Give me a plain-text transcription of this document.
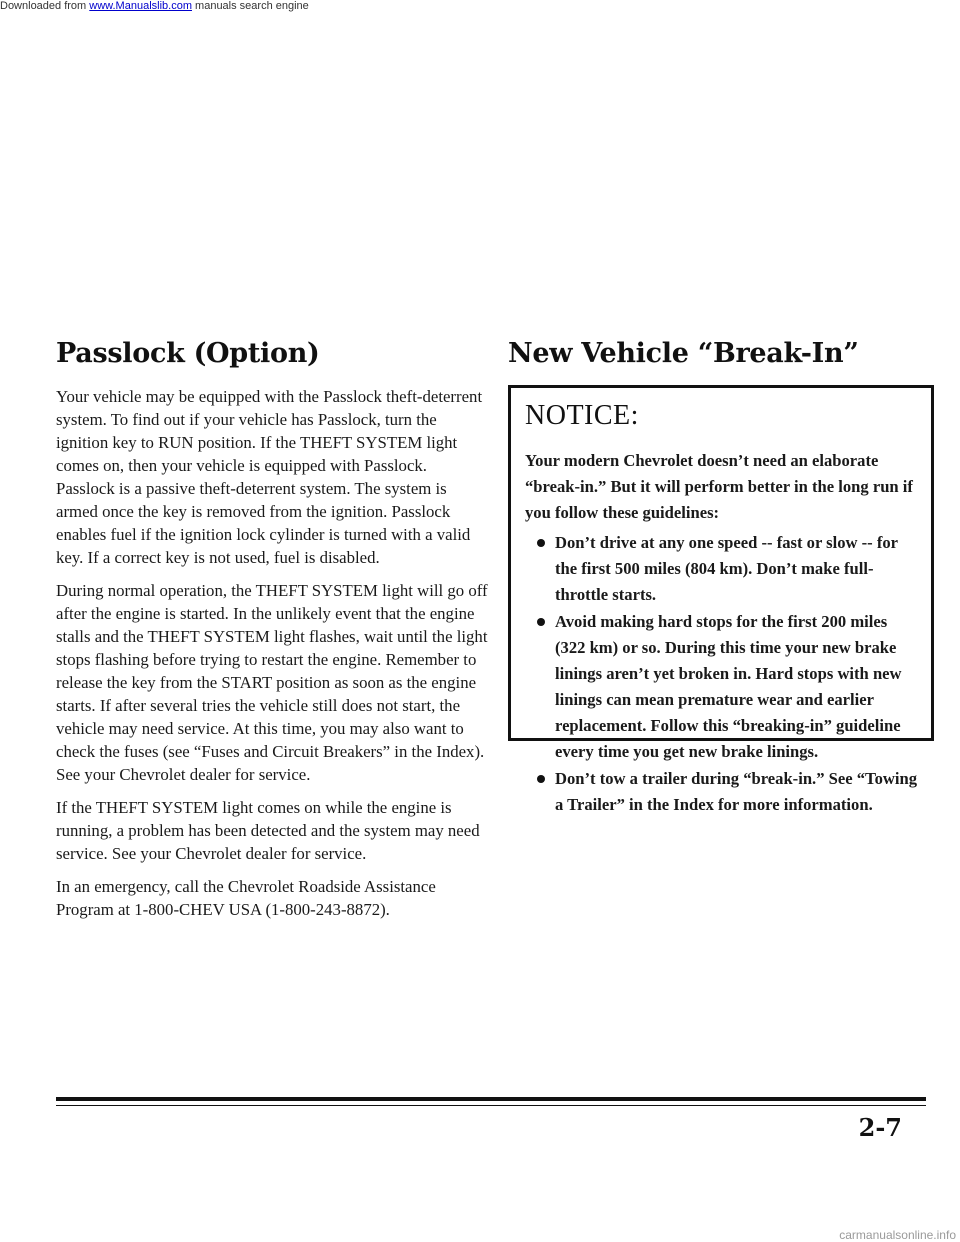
Downloaded from www.Manualslib.com manuals search engine
Passlock (Option)

Your vehicle may be equipped with the Passlock theft-deterrent system. To find out if your vehicle has Passlock, turn the ignition key to RUN position. If the THEFT SYSTEM light comes on, then your vehicle is equipped with Passlock. Passlock is a passive theft-deterrent system. The system is armed once the key is removed from the ignition. Passlock enables fuel if the ignition lock cylinder is turned with a valid key. If a correct key is not used, fuel is disabled.

During normal operation, the THEFT SYSTEM light will go off after the engine is started. In the unlikely event that the engine stalls and the THEFT SYSTEM light flashes, wait until the light stops flashing before trying to restart the engine. Remember to release the key from the START position as soon as the engine starts. If after several tries the vehicle still does not start, the vehicle may need service. At this time, you may also want to check the fuses (see “Fuses and Circuit Breakers” in the Index). See your Chevrolet dealer for service.

If the THEFT SYSTEM light comes on while the engine is running, a problem has been detected and the system may need service. See your Chevrolet dealer for service.

In an emergency, call the Chevrolet Roadside Assistance Program at 1-800-CHEV USA (1-800-243-8872).

New Vehicle “Break-In”
NOTICE:
Your modern Chevrolet doesn’t need an elaborate “break-in.” But it will perform better in the long run if you follow these guidelines:
Don’t drive at any one speed -- fast or slow -- for the first 500 miles (804 km). Don’t make full-throttle starts.
Avoid making hard stops for the first 200 miles (322 km) or so. During this time your new brake linings aren’t yet broken in. Hard stops with new linings can mean premature wear and earlier replacement. Follow this “breaking-in” guideline every time you get new brake linings.
Don’t tow a trailer during “break-in.” See “Towing a Trailer” in the Index for more information.
2-7
carmanualsonline.info
